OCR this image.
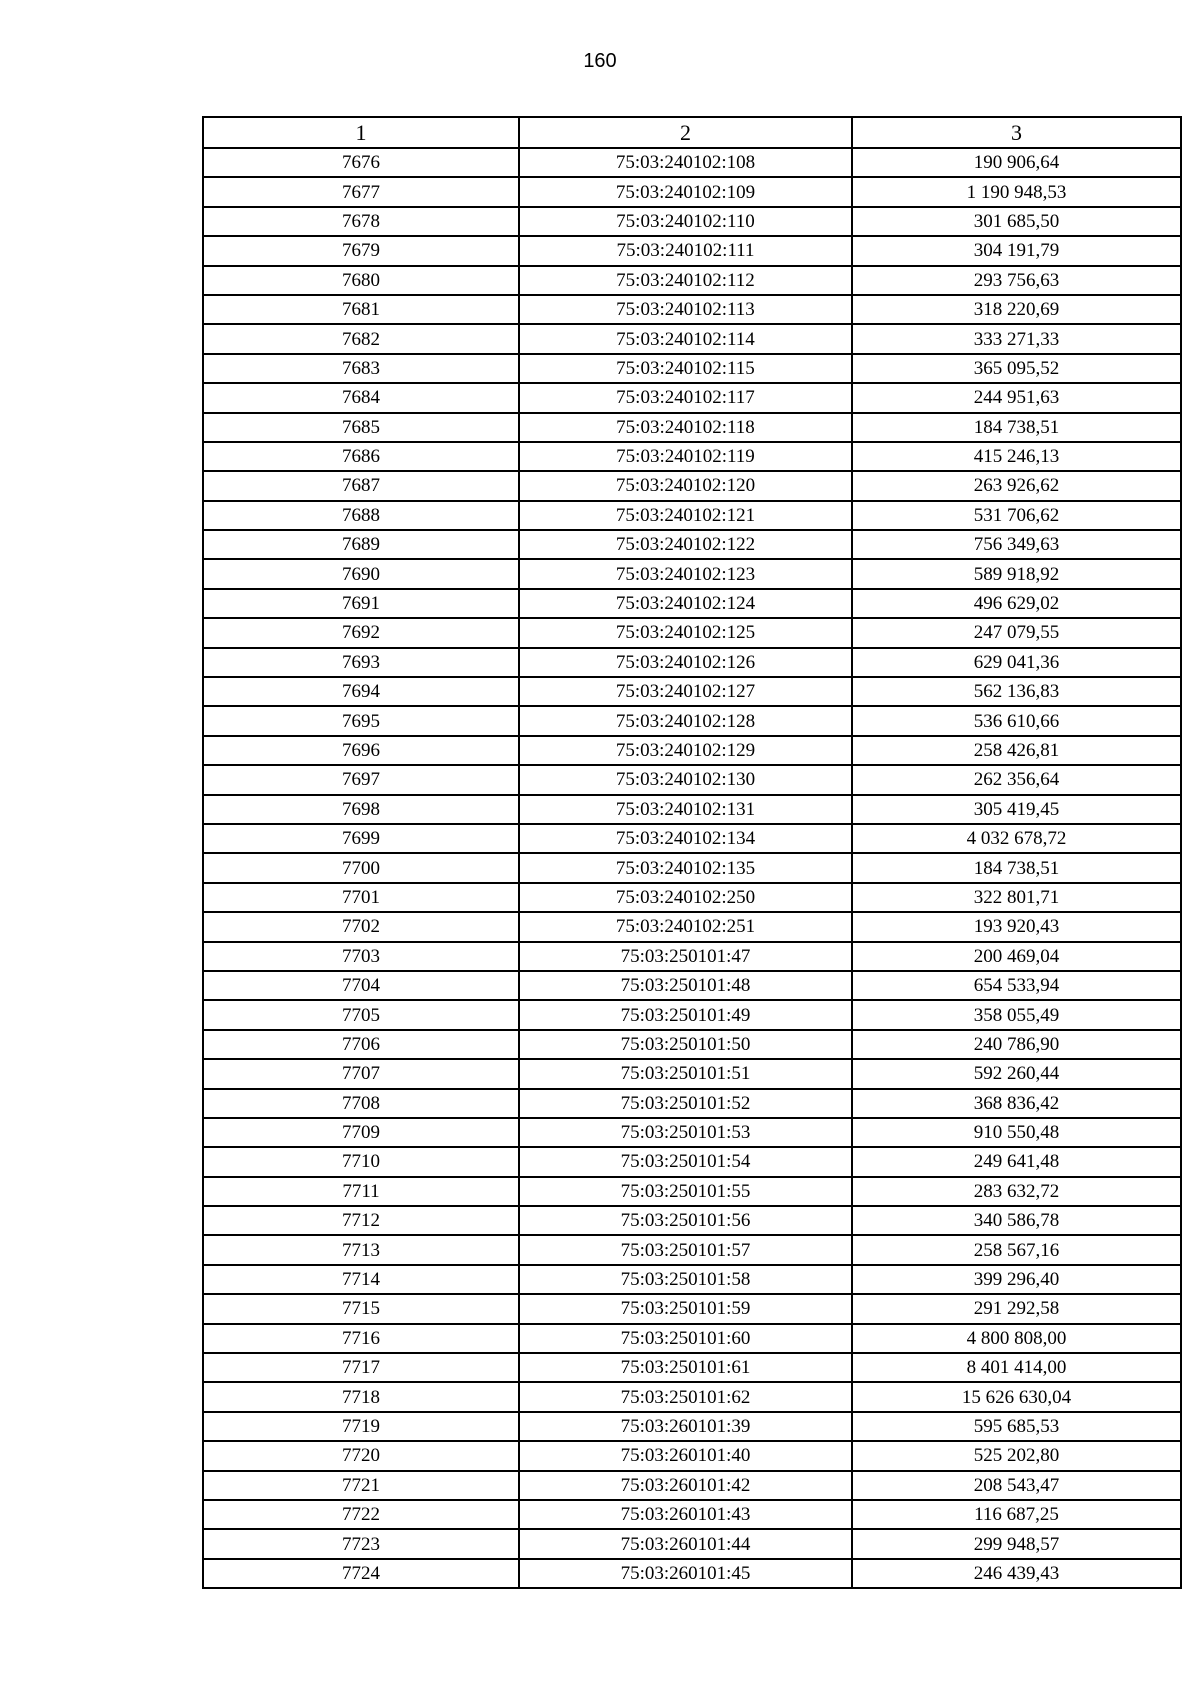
160
1	2	3
7676	75:03:240102:108	190 906,64
7677	75:03:240102:109	1 190 948,53
7678	75:03:240102:110	301 685,50
7679	75:03:240102:111	304 191,79
7680	75:03:240102:112	293 756,63
7681	75:03:240102:113	318 220,69
7682	75:03:240102:114	333 271,33
7683	75:03:240102:115	365 095,52
7684	75:03:240102:117	244 951,63
7685	75:03:240102:118	184 738,51
7686	75:03:240102:119	415 246,13
7687	75:03:240102:120	263 926,62
7688	75:03:240102:121	531 706,62
7689	75:03:240102:122	756 349,63
7690	75:03:240102:123	589 918,92
7691	75:03:240102:124	496 629,02
7692	75:03:240102:125	247 079,55
7693	75:03:240102:126	629 041,36
7694	75:03:240102:127	562 136,83
7695	75:03:240102:128	536 610,66
7696	75:03:240102:129	258 426,81
7697	75:03:240102:130	262 356,64
7698	75:03:240102:131	305 419,45
7699	75:03:240102:134	4 032 678,72
7700	75:03:240102:135	184 738,51
7701	75:03:240102:250	322 801,71
7702	75:03:240102:251	193 920,43
7703	75:03:250101:47	200 469,04
7704	75:03:250101:48	654 533,94
7705	75:03:250101:49	358 055,49
7706	75:03:250101:50	240 786,90
7707	75:03:250101:51	592 260,44
7708	75:03:250101:52	368 836,42
7709	75:03:250101:53	910 550,48
7710	75:03:250101:54	249 641,48
7711	75:03:250101:55	283 632,72
7712	75:03:250101:56	340 586,78
7713	75:03:250101:57	258 567,16
7714	75:03:250101:58	399 296,40
7715	75:03:250101:59	291 292,58
7716	75:03:250101:60	4 800 808,00
7717	75:03:250101:61	8 401 414,00
7718	75:03:250101:62	15 626 630,04
7719	75:03:260101:39	595 685,53
7720	75:03:260101:40	525 202,80
7721	75:03:260101:42	208 543,47
7722	75:03:260101:43	116 687,25
7723	75:03:260101:44	299 948,57
7724	75:03:260101:45	246 439,43
